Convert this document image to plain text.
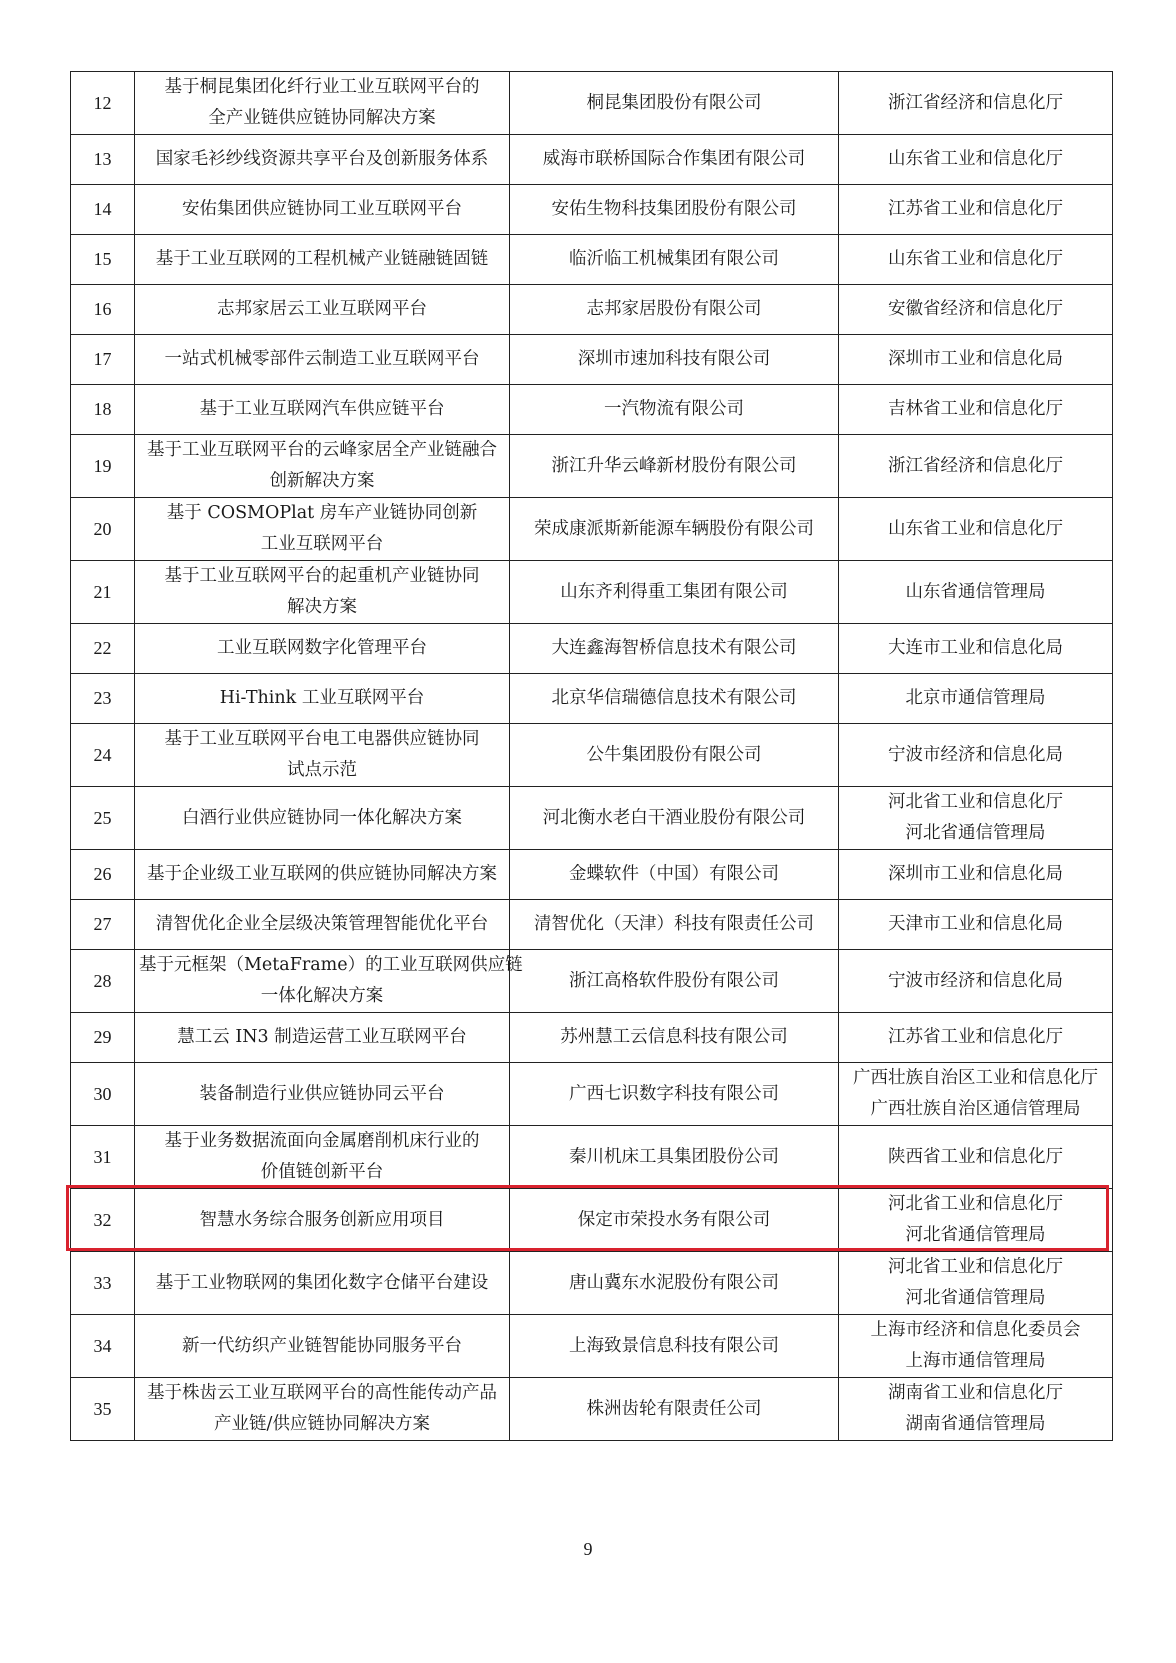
12	基于桐昆集团化纤行业工业互联网平台的
全产业链供应链协同解决方案	桐昆集团股份有限公司	浙江省经济和信息化厅

13	国家毛衫纱线资源共享平台及创新服务体系	威海市联桥国际合作集团有限公司	山东省工业和信息化厅

14	安佑集团供应链协同工业互联网平台	安佑生物科技集团股份有限公司	江苏省工业和信息化厅

15	基于工业互联网的工程机械产业链融链固链	临沂临工机械集团有限公司	山东省工业和信息化厅

16	志邦家居云工业互联网平台	志邦家居股份有限公司	安徽省经济和信息化厅

17	一站式机械零部件云制造工业互联网平台	深圳市速加科技有限公司	深圳市工业和信息化局

18	基于工业互联网汽车供应链平台	一汽物流有限公司	吉林省工业和信息化厅

19	基于工业互联网平台的云峰家居全产业链融合
创新解决方案	浙江升华云峰新材股份有限公司	浙江省经济和信息化厅

20	基于 COSMOPlat 房车产业链协同创新
工业互联网平台	荣成康派斯新能源车辆股份有限公司	山东省工业和信息化厅

21	基于工业互联网平台的起重机产业链协同
解决方案	山东齐利得重工集团有限公司	山东省通信管理局

22	工业互联网数字化管理平台	大连鑫海智桥信息技术有限公司	大连市工业和信息化局

23	Hi-Think 工业互联网平台	北京华信瑞德信息技术有限公司	北京市通信管理局

24	基于工业互联网平台电工电器供应链协同
试点示范	公牛集团股份有限公司	宁波市经济和信息化局

25	白酒行业供应链协同一体化解决方案	河北衡水老白干酒业股份有限公司	河北省工业和信息化厅
河北省通信管理局

26	基于企业级工业互联网的供应链协同解决方案	金蝶软件（中国）有限公司	深圳市工业和信息化局

27	清智优化企业全层级决策管理智能优化平台	清智优化（天津）科技有限责任公司	天津市工业和信息化局

28	基于元框架（MetaFrame）的工业互联网供应链
一体化解决方案	浙江高格软件股份有限公司	宁波市经济和信息化局

29	慧工云 IN3 制造运营工业互联网平台	苏州慧工云信息科技有限公司	江苏省工业和信息化厅

30	装备制造行业供应链协同云平台	广西七识数字科技有限公司	广西壮族自治区工业和信息化厅
广西壮族自治区通信管理局

31	基于业务数据流面向金属磨削机床行业的
价值链创新平台	秦川机床工具集团股份公司	陕西省工业和信息化厅

32	智慧水务综合服务创新应用项目	保定市荣投水务有限公司	河北省工业和信息化厅
河北省通信管理局

33	基于工业物联网的集团化数字仓储平台建设	唐山冀东水泥股份有限公司	河北省工业和信息化厅
河北省通信管理局

34	新一代纺织产业链智能协同服务平台	上海致景信息科技有限公司	上海市经济和信息化委员会
上海市通信管理局

35	基于株齿云工业互联网平台的高性能传动产品
产业链/供应链协同解决方案	株洲齿轮有限责任公司	湖南省工业和信息化厅
湖南省通信管理局
9
